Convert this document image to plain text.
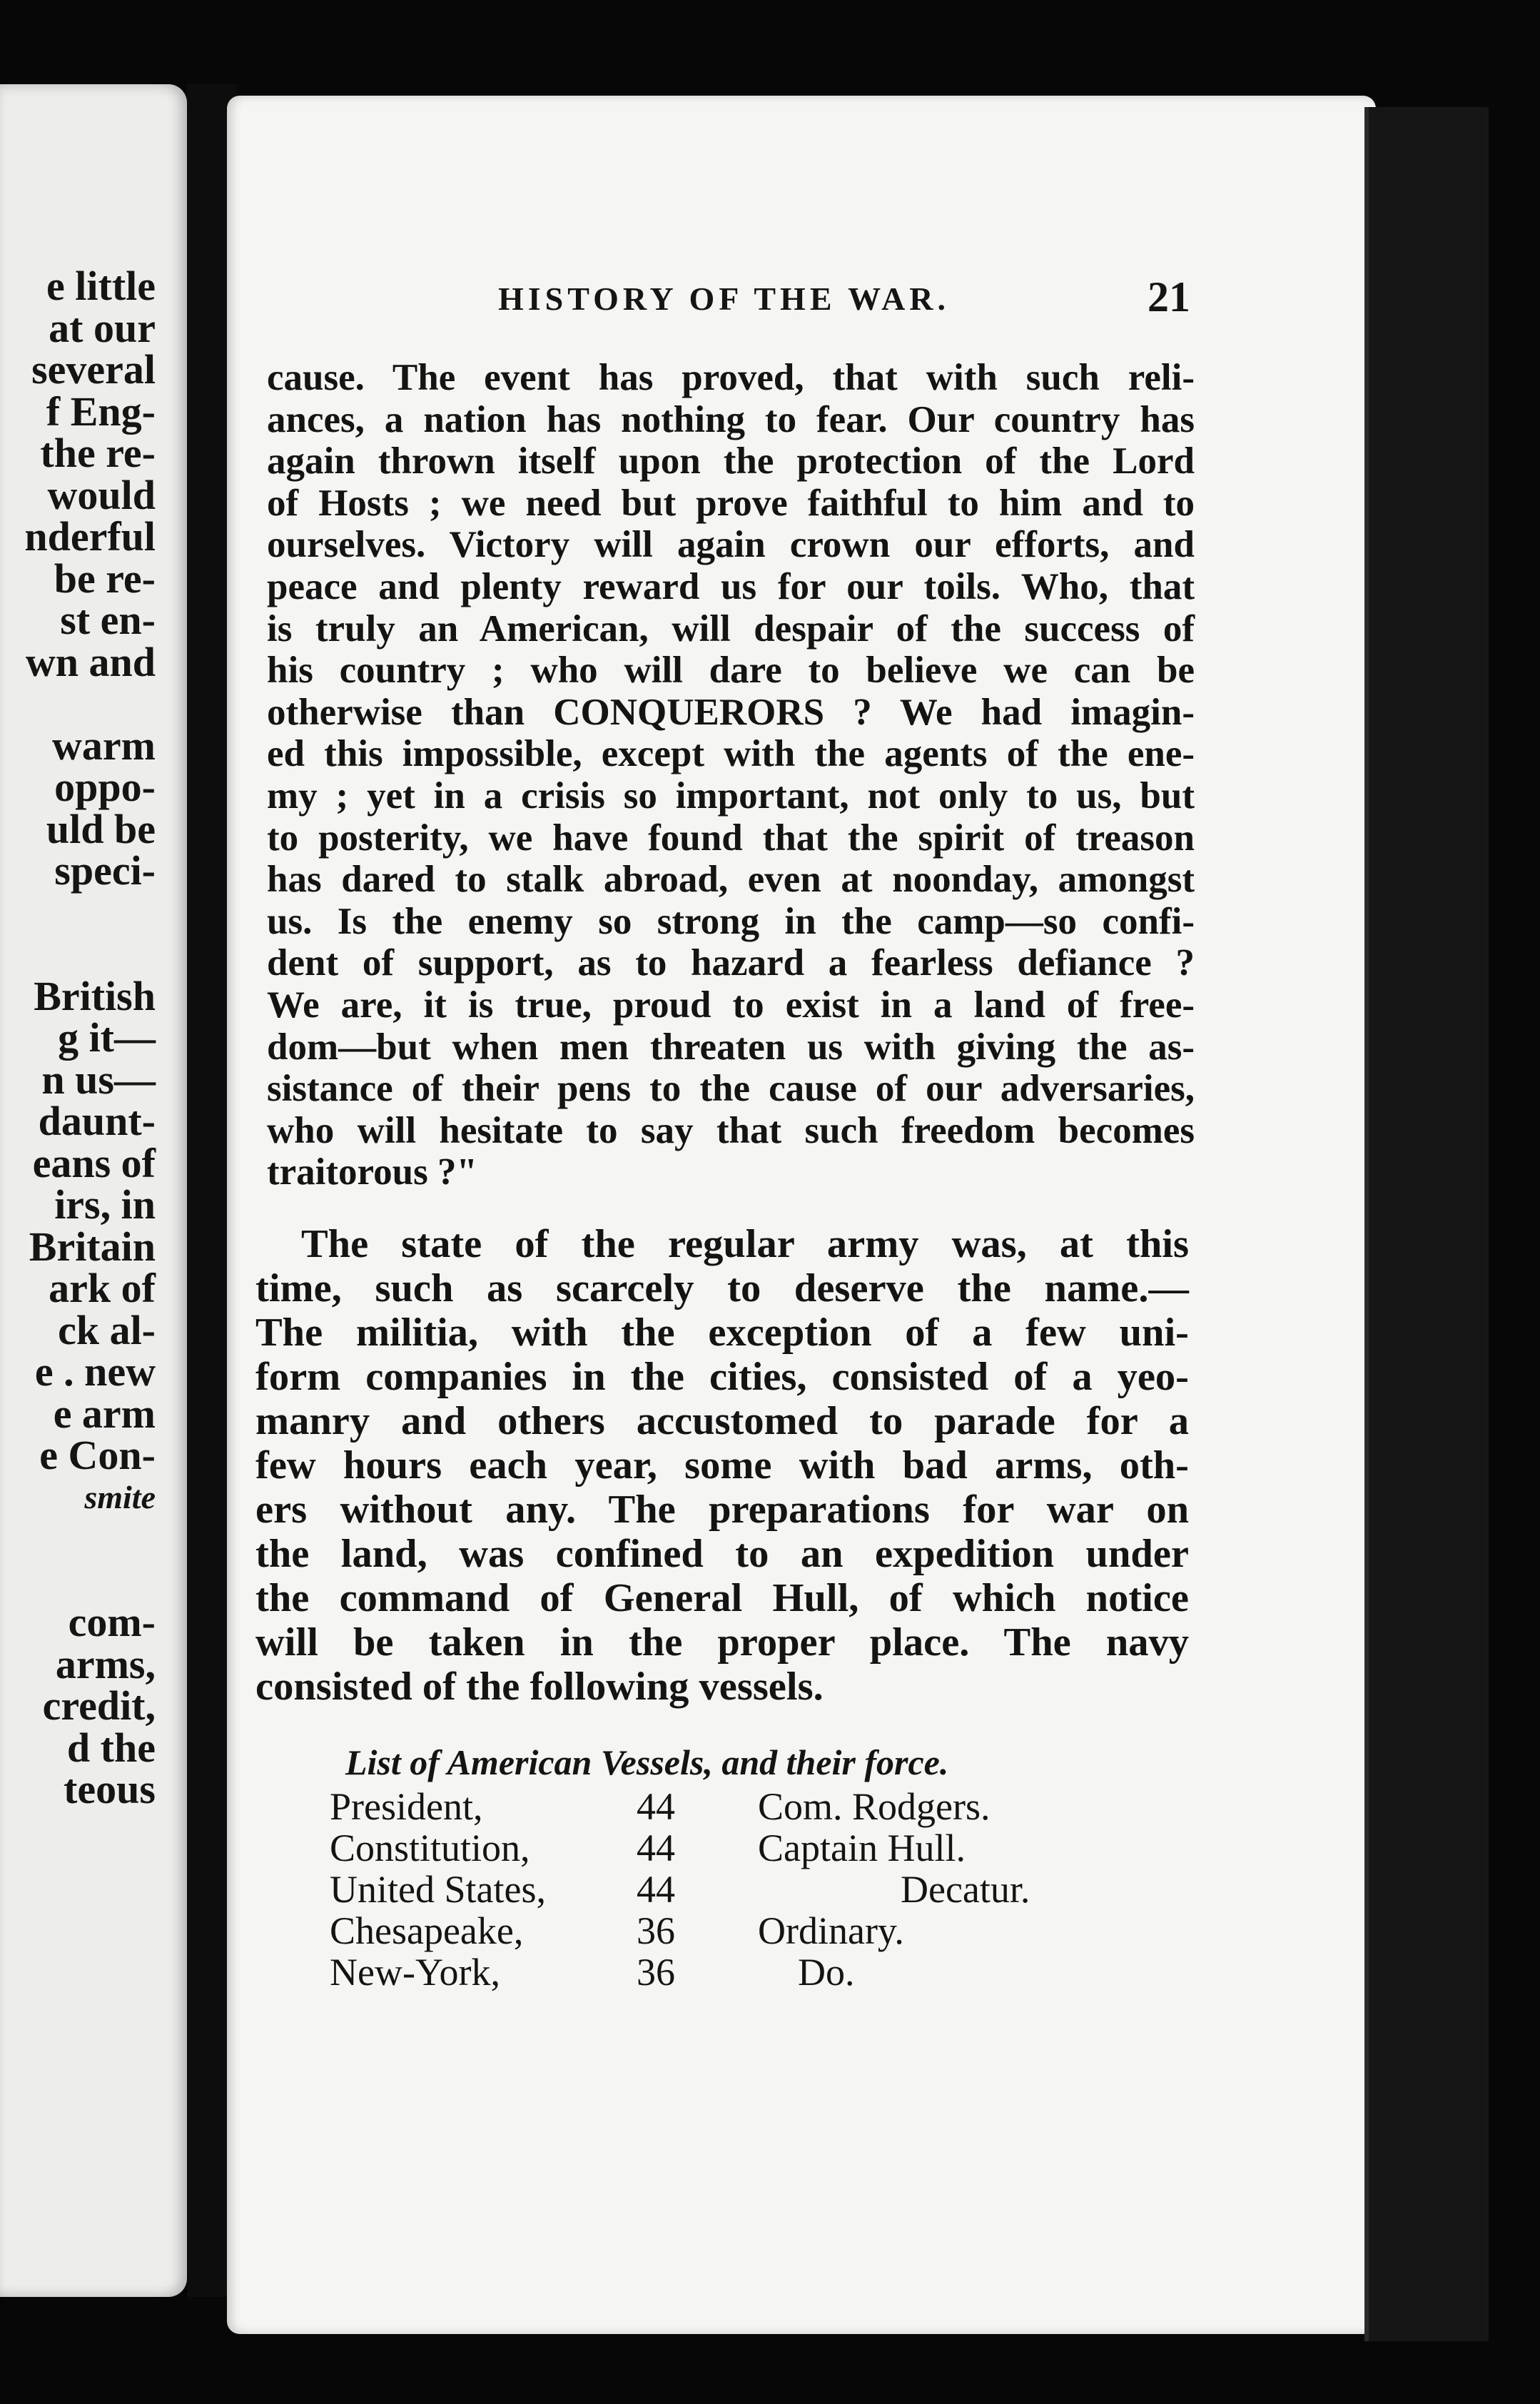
e little
at our
several
f Eng-
the re-
would
nderful
be re-
st en-
wn and
warm
oppo-
uld be
speci-
British
g it—
n us—
daunt-
eans of
irs, in
Britain
ark of
ck al-
e . new
e arm
e Con-
smite
com-
arms,
credit,
d the
teous
HISTORY OF THE WAR.	21
cause. The event has proved, that with such reli-
ances, a nation has nothing to fear. Our country has
again thrown itself upon the protection of the Lord
of Hosts ; we need but prove faithful to him and to
ourselves. Victory will again crown our efforts, and
peace and plenty reward us for our toils. Who, that
is truly an American, will despair of the success of
his country ; who will dare to believe we can be
otherwise than CONQUERORS ? We had imagin-
ed this impossible, except with the agents of the ene-
my ; yet in a crisis so important, not only to us, but
to posterity, we have found that the spirit of treason
has dared to stalk abroad, even at noonday, amongst
us. Is the enemy so strong in the camp—so confi-
dent of support, as to hazard a fearless defiance ?
We are, it is true, proud to exist in a land of free-
dom—but when men threaten us with giving the as-
sistance of their pens to the cause of our adversaries,
who will hesitate to say that such freedom becomes
traitorous ?"
The state of the regular army was, at this
time, such as scarcely to deserve the name.—
The militia, with the exception of a few uni-
form companies in the cities, consisted of a yeo-
manry and others accustomed to parade for a
few hours each year, some with bad arms, oth-
ers without any. The preparations for war on
the land, was confined to an expedition under
the command of General Hull, of which notice
will be taken in the proper place. The navy
consisted of the following vessels.
List of American Vessels, and their force.
President,	44	Com. Rodgers.
Constitution,	44	Captain Hull.
United States,	44	Decatur.
Chesapeake,	36	Ordinary.
New-York,	36	Do.
